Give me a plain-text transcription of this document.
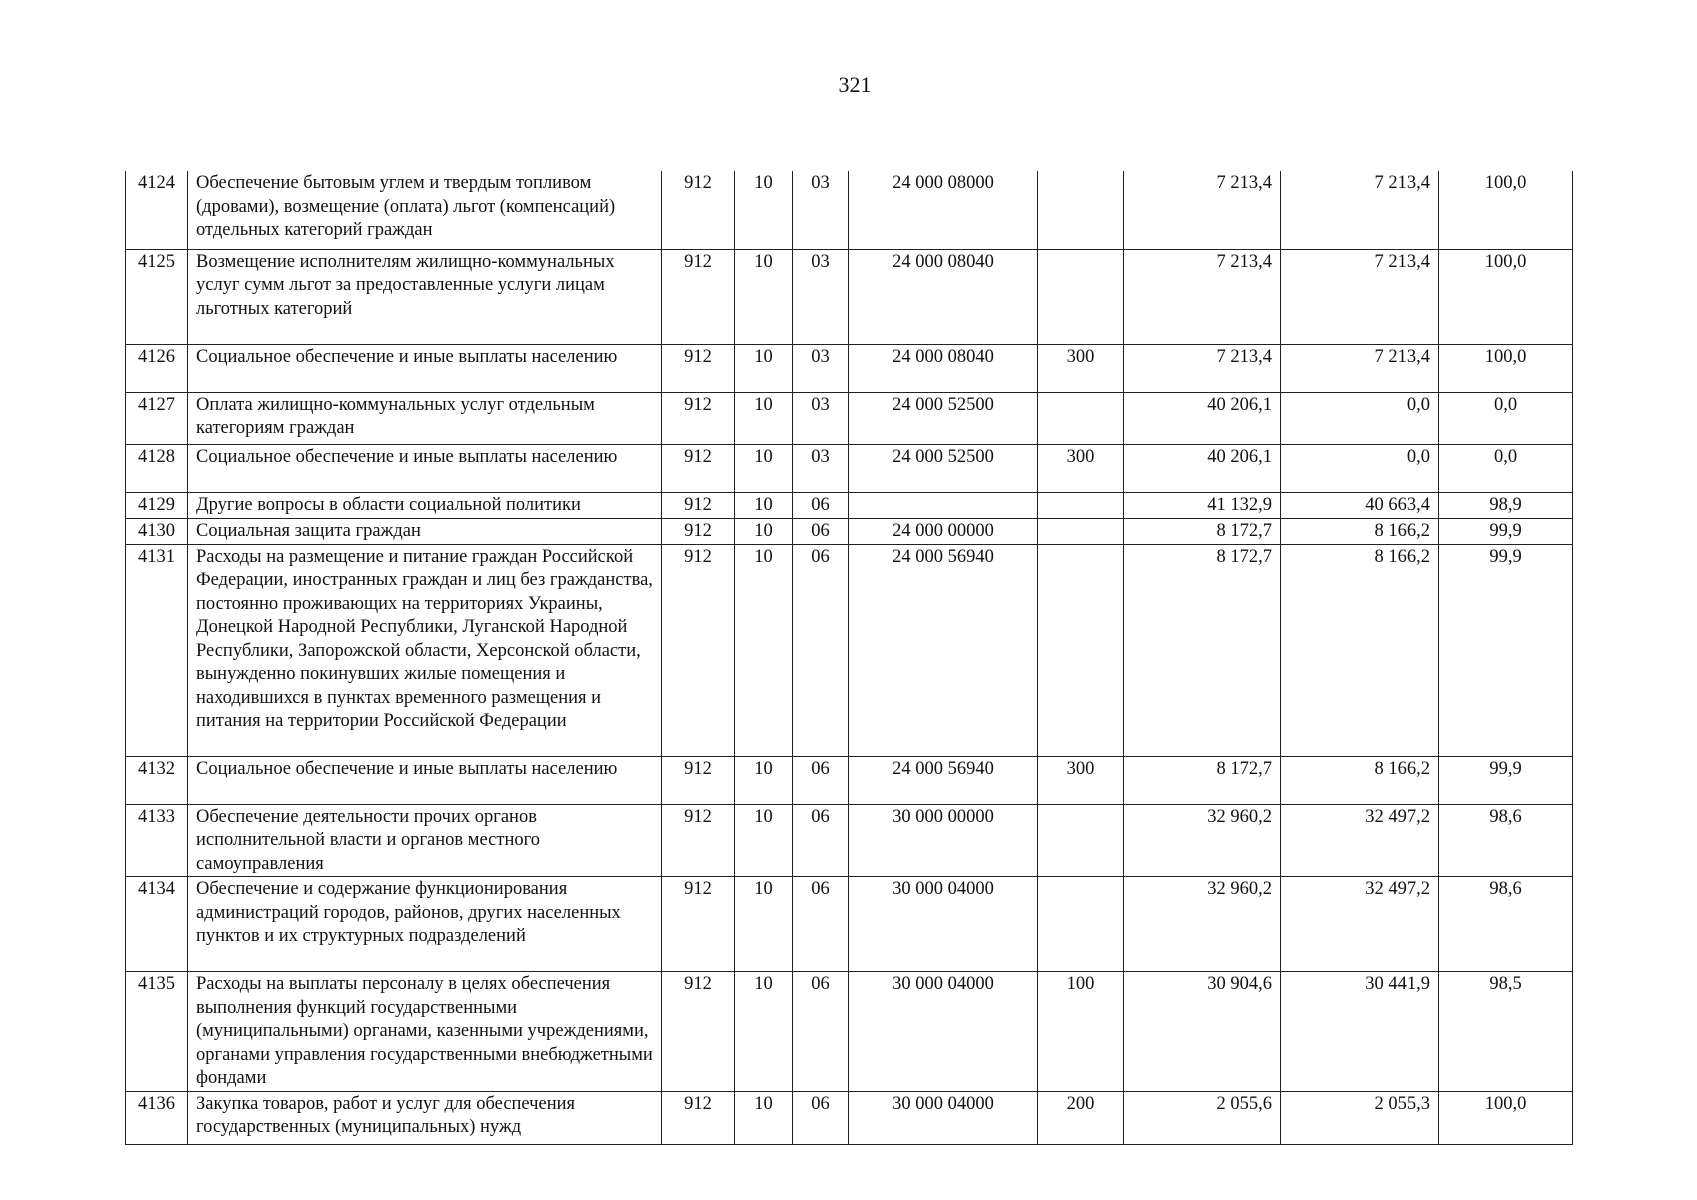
321
4124	Обеспечение бытовым углем и твердым топливом (дровами), возмещение (оплата) льгот (компенсаций) отдельных категорий граждан	912	10	03	24 000 08000		7 213,4	7 213,4	100,0
4125	Возмещение исполнителям жилищно-коммунальных услуг сумм льгот за предоставленные услуги лицам льготных категорий	912	10	03	24 000 08040		7 213,4	7 213,4	100,0
4126	Социальное обеспечение и иные выплаты населению	912	10	03	24 000 08040	300	7 213,4	7 213,4	100,0
4127	Оплата жилищно-коммунальных услуг отдельным категориям граждан	912	10	03	24 000 52500		40 206,1	0,0	0,0
4128	Социальное обеспечение и иные выплаты населению	912	10	03	24 000 52500	300	40 206,1	0,0	0,0
4129	Другие вопросы в области социальной политики	912	10	06			41 132,9	40 663,4	98,9
4130	Социальная защита граждан	912	10	06	24 000 00000		8 172,7	8 166,2	99,9
4131	Расходы на размещение и питание граждан Российской Федерации, иностранных граждан и лиц без гражданства, постоянно проживающих на территориях Украины, Донецкой Народной Республики, Луганской Народной Республики, Запорожской области, Херсонской области, вынужденно покинувших жилые помещения и находившихся в пунктах временного размещения и питания на территории Российской Федерации	912	10	06	24 000 56940		8 172,7	8 166,2	99,9
4132	Социальное обеспечение и иные выплаты населению	912	10	06	24 000 56940	300	8 172,7	8 166,2	99,9
4133	Обеспечение деятельности прочих органов исполнительной власти и органов местного самоуправления	912	10	06	30 000 00000		32 960,2	32 497,2	98,6
4134	Обеспечение и содержание функционирования администраций городов, районов, других населенных пунктов и их структурных подразделений	912	10	06	30 000 04000		32 960,2	32 497,2	98,6
4135	Расходы на выплаты персоналу в целях обеспечения выполнения функций государственными (муниципальными) органами, казенными учреждениями, органами управления государственными внебюджетными фондами	912	10	06	30 000 04000	100	30 904,6	30 441,9	98,5
4136	Закупка товаров, работ и услуг для обеспечения государственных (муниципальных) нужд	912	10	06	30 000 04000	200	2 055,6	2 055,3	100,0
